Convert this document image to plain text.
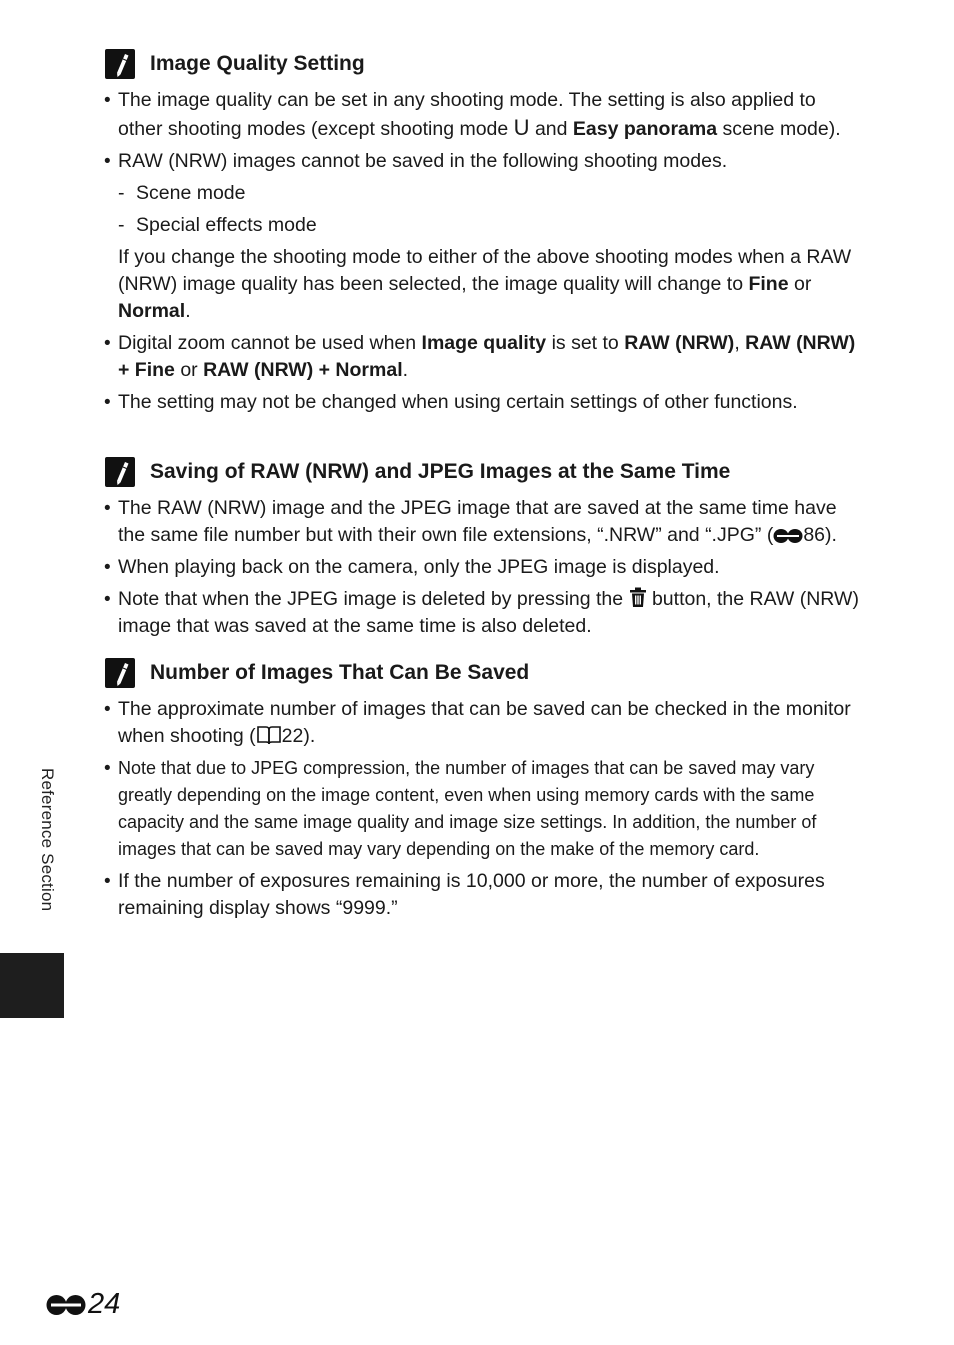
Image Quality Setting
• The image quality can be set in any shooting mode. The setting is also applied to other shooting modes (except shooting mode U and Easy panorama scene mode).
• RAW (NRW) images cannot be saved in the following shooting modes.
- Scene mode
- Special effects mode
If you change the shooting mode to either of the above shooting modes when a RAW (NRW) image quality has been selected, the image quality will change to Fine or Normal.
• Digital zoom cannot be used when Image quality is set to RAW (NRW), RAW (NRW) + Fine or RAW (NRW) + Normal.
• The setting may not be changed when using certain settings of other functions.
Saving of RAW (NRW) and JPEG Images at the Same Time
• The RAW (NRW) image and the JPEG image that are saved at the same time have the same file number but with their own file extensions, “.NRW” and “.JPG” ( 86).
• When playing back on the camera, only the JPEG image is displayed.
• Note that when the JPEG image is deleted by pressing the  button, the RAW (NRW) image that was saved at the same time is also deleted.
Number of Images That Can Be Saved
• The approximate number of images that can be saved can be checked in the monitor when shooting ( 22).
• Note that due to JPEG compression, the number of images that can be saved may vary greatly depending on the image content, even when using memory cards with the same capacity and the same image quality and image size settings. In addition, the number of images that can be saved may vary depending on the make of the memory card.
• If the number of exposures remaining is 10,000 or more, the number of exposures remaining display shows “9999.”
Reference Section
24
